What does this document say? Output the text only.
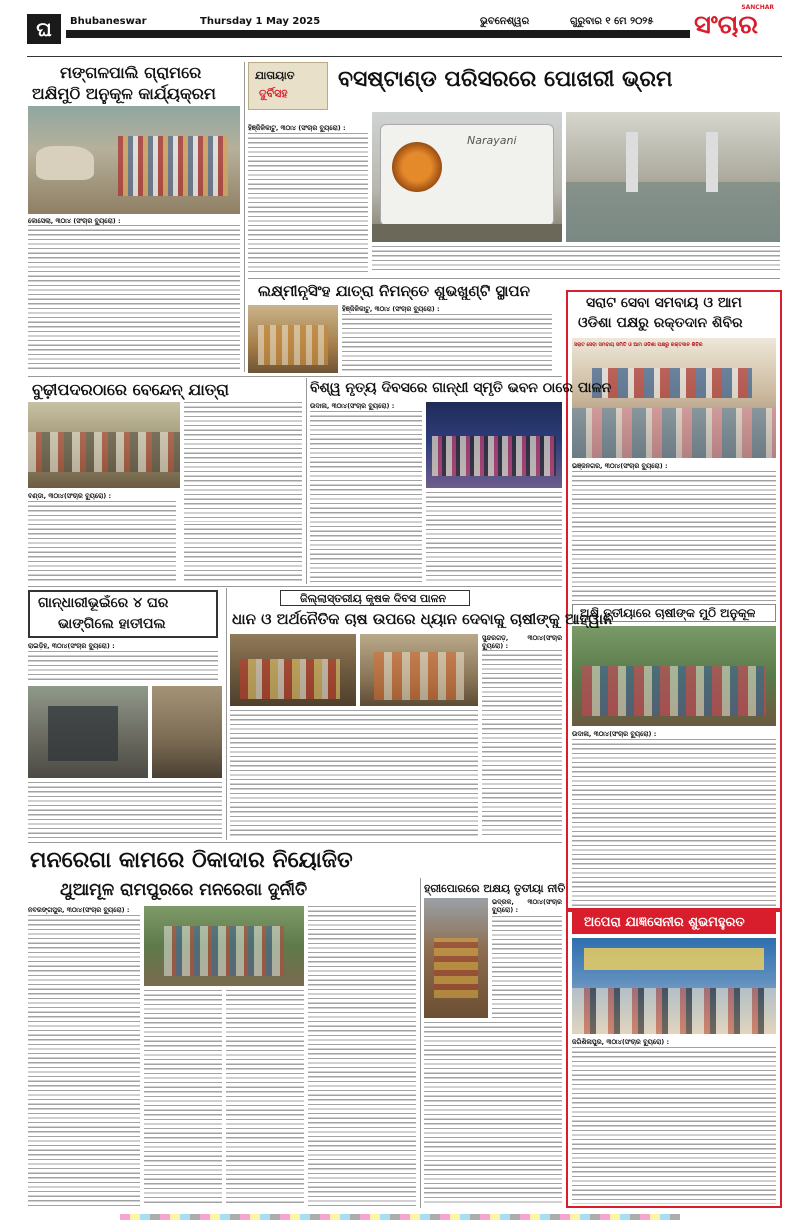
ଘ	Bhubaneswar	Thursday 1 May 2025	ଭୁବନେଶ୍ୱର	ଗୁରୁବାର ୧ ମେ ୨୦୨୫
SANCHAR
ସଂଚାର
ମଙ୍ଗଳପାଲି ଗ୍ରାମରେ
ଅକ୍ଷିମୁଠି ଅନୁକୂଳ କାର୍ଯ୍ୟକ୍ରମ
କୋସେଲା, ୩୦ା୪ (ସଂଚାର ବ୍ୟୁରୋ) :
ଯାତାୟାତ
ଦୁର୍ବିସହ
ବସଷ୍ଟାଣ୍ଡ ପରିସରରେ ପୋଖରୀ ଭ୍ରମ
ହିଞ୍ଜିଳିକାଟୁ, ୩୦ା୪ (ସଂଚାର ବ୍ୟୁରୋ) :
Narayani
ଲକ୍ଷ୍ମୀନୃସିଂହ ଯାତ୍ରା ନିମନ୍ତେ ଶୁଭଖୁଣ୍ଟି ସ୍ଥାପନ
ହିଞ୍ଜିଳିକାଟୁ, ୩୦ା୪ (ସଂଚାର ବ୍ୟୁରୋ) :	ସରାଟ ସେବା ସମବାୟ ଓ ଆମ
ଓଡିଶା ପକ୍ଷରୁ ରକ୍ତଦାନ ଶିବିର
ସରାଟ ସେବା ସମବାୟ ସମିତି ଓ ଆମ ଓଡିଶା ପକ୍ଷରୁ ରକ୍ତଦାନ ଶିବିର
ଭଞ୍ଜନଗର, ୩୦ା୪(ସଂଚାର ବ୍ୟୁରୋ) :
ବୁଢ଼ୀପଦରଠାରେ ବେନ୍ଦେନ୍ ଯାତ୍ରା
ବଣ୍ଡା, ୩୦ା୪(ସଂଚାର ବ୍ୟୁରୋ) :
ବିଶ୍ୱ ନୃତ୍ୟ ଦିବସରେ ଗାନ୍ଧୀ ସ୍ମୃତି ଭବନ ଠାରେ ପାଳନ
ଉଦାଳା, ୩୦ା୪(ସଂଚାର ବ୍ୟୁରୋ) :
ଅକ୍ଷି ତୃତୀୟାରେ ଚାଷୀଙ୍କ ମୁଠି ଅନୁକୂଳ
ଉଦାଳା, ୩୦ା୪(ସଂଚାର ବ୍ୟୁରୋ) :
ଗାନ୍ଧାରୀଭୂଇଁରେ ୪ ଘର
ଭାଙ୍ଗିଲେ ହାତୀପଲ
ରାଇଡ଼ିହ, ୩୦ା୪(ସଂଚାର ବ୍ୟୁରୋ) :
ଜିଲ୍ଲାସ୍ତରୀୟ କୃଷକ ଦିବସ ପାଳନ
ଧାନ ଓ ଅର୍ଥନୈତିକ ଚାଷ ଉପରେ ଧ୍ୟାନ ଦେବାକୁ ଚାଷୀଙ୍କୁ ଆହ୍ୱାନ
ସୁନ୍ଦରଗଡ଼, ୩୦ା୪(ସଂଚାର ବ୍ୟୁରୋ) :
ଅପେରା ଯାଜ୍ଞସେନୀର ଶୁଭମହୁରତ
ଜଗିଶିଳାପୁର, ୩୦ା୪(ସଂଚାର ବ୍ୟୁରୋ) :
ମନରେଗା କାମରେ ଠିକାଦାର ନିୟୋଜିତ
ଥୁଆମୂଳ ରାମପୁରରେ ମନରେଗା ଦୁର୍ନୀତି
ନବରଙ୍ଗପୁର, ୩୦ା୪(ସଂଚାର ବ୍ୟୁରୋ) :
ହ୍ରୀପୋରରେ ଅକ୍ଷୟ ତୃତୀୟା ନୀତି
ଭଦ୍ରକ, ୩୦ା୪(ସଂଚାର ବ୍ୟୁରୋ) :
